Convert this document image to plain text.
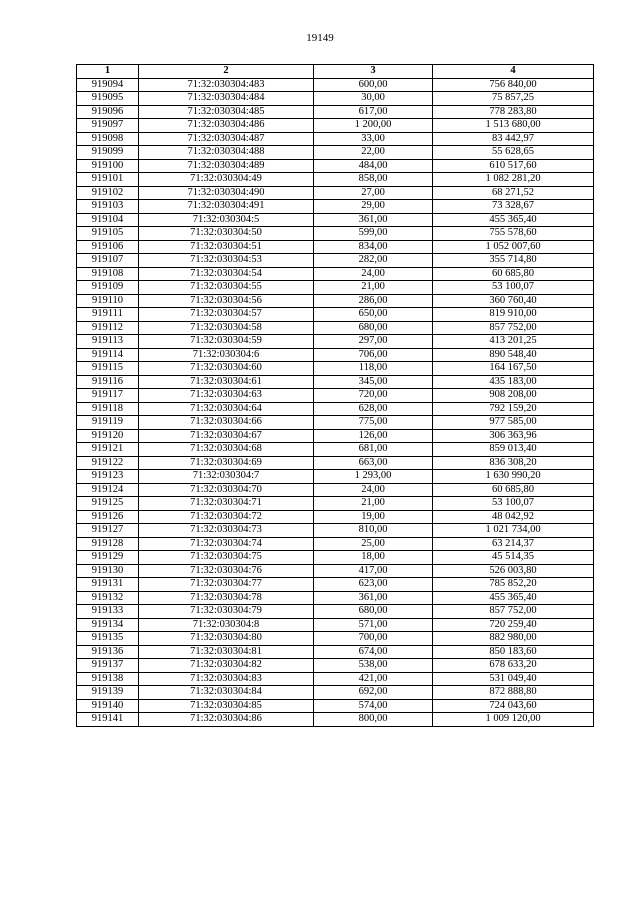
19149
1	2	3	4
919094	71:32:030304:483	600,00	756 840,00
919095	71:32:030304:484	30,00	75 857,25
919096	71:32:030304:485	617,00	778 283,80
919097	71:32:030304:486	1 200,00	1 513 680,00
919098	71:32:030304:487	33,00	83 442,97
919099	71:32:030304:488	22,00	55 628,65
919100	71:32:030304:489	484,00	610 517,60
919101	71:32:030304:49	858,00	1 082 281,20
919102	71:32:030304:490	27,00	68 271,52
919103	71:32:030304:491	29,00	73 328,67
919104	71:32:030304:5	361,00	455 365,40
919105	71:32:030304:50	599,00	755 578,60
919106	71:32:030304:51	834,00	1 052 007,60
919107	71:32:030304:53	282,00	355 714,80
919108	71:32:030304:54	24,00	60 685,80
919109	71:32:030304:55	21,00	53 100,07
919110	71:32:030304:56	286,00	360 760,40
919111	71:32:030304:57	650,00	819 910,00
919112	71:32:030304:58	680,00	857 752,00
919113	71:32:030304:59	297,00	413 201,25
919114	71:32:030304:6	706,00	890 548,40
919115	71:32:030304:60	118,00	164 167,50
919116	71:32:030304:61	345,00	435 183,00
919117	71:32:030304:63	720,00	908 208,00
919118	71:32:030304:64	628,00	792 159,20
919119	71:32:030304:66	775,00	977 585,00
919120	71:32:030304:67	126,00	306 363,96
919121	71:32:030304:68	681,00	859 013,40
919122	71:32:030304:69	663,00	836 308,20
919123	71:32:030304:7	1 293,00	1 630 990,20
919124	71:32:030304:70	24,00	60 685,80
919125	71:32:030304:71	21,00	53 100,07
919126	71:32:030304:72	19,00	48 042,92
919127	71:32:030304:73	810,00	1 021 734,00
919128	71:32:030304:74	25,00	63 214,37
919129	71:32:030304:75	18,00	45 514,35
919130	71:32:030304:76	417,00	526 003,80
919131	71:32:030304:77	623,00	785 852,20
919132	71:32:030304:78	361,00	455 365,40
919133	71:32:030304:79	680,00	857 752,00
919134	71:32:030304:8	571,00	720 259,40
919135	71:32:030304:80	700,00	882 980,00
919136	71:32:030304:81	674,00	850 183,60
919137	71:32:030304:82	538,00	678 633,20
919138	71:32:030304:83	421,00	531 049,40
919139	71:32:030304:84	692,00	872 888,80
919140	71:32:030304:85	574,00	724 043,60
919141	71:32:030304:86	800,00	1 009 120,00
